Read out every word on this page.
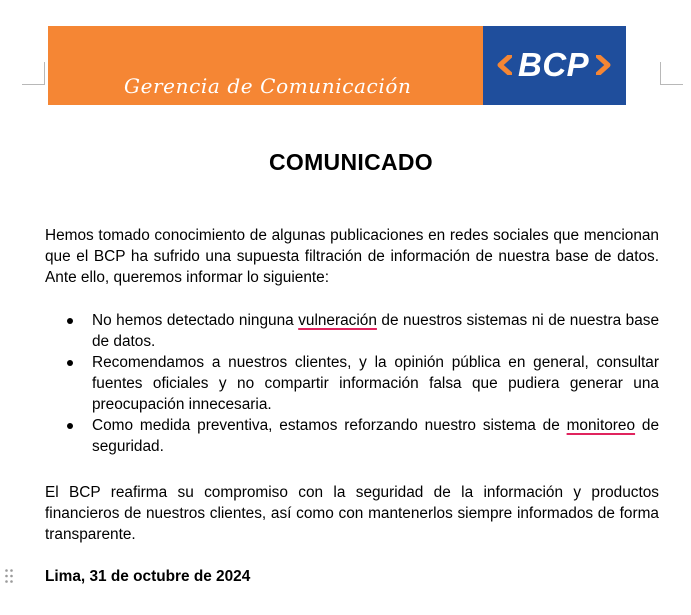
Gerencia de Comunicación
BCP
COMUNICADO

Hemos tomado conocimiento de algunas publicaciones en redes sociales que mencionan que el BCP ha sufrido una supuesta filtración de información de nuestra base de datos. Ante ello, queremos informar lo siguiente:

No hemos detectado ninguna vulneración de nuestros sistemas ni de nuestra base de datos.
Recomendamos a nuestros clientes, y la opinión pública en general, consultar fuentes oficiales y no compartir información falsa que pudiera generar una preocupación innecesaria.
Como medida preventiva, estamos reforzando nuestro sistema de monitoreo de seguridad.

El BCP reafirma su compromiso con la seguridad de la información y productos financieros de nuestros clientes, así como con mantenerlos siempre informados de forma transparente.

Lima, 31 de octubre de 2024
